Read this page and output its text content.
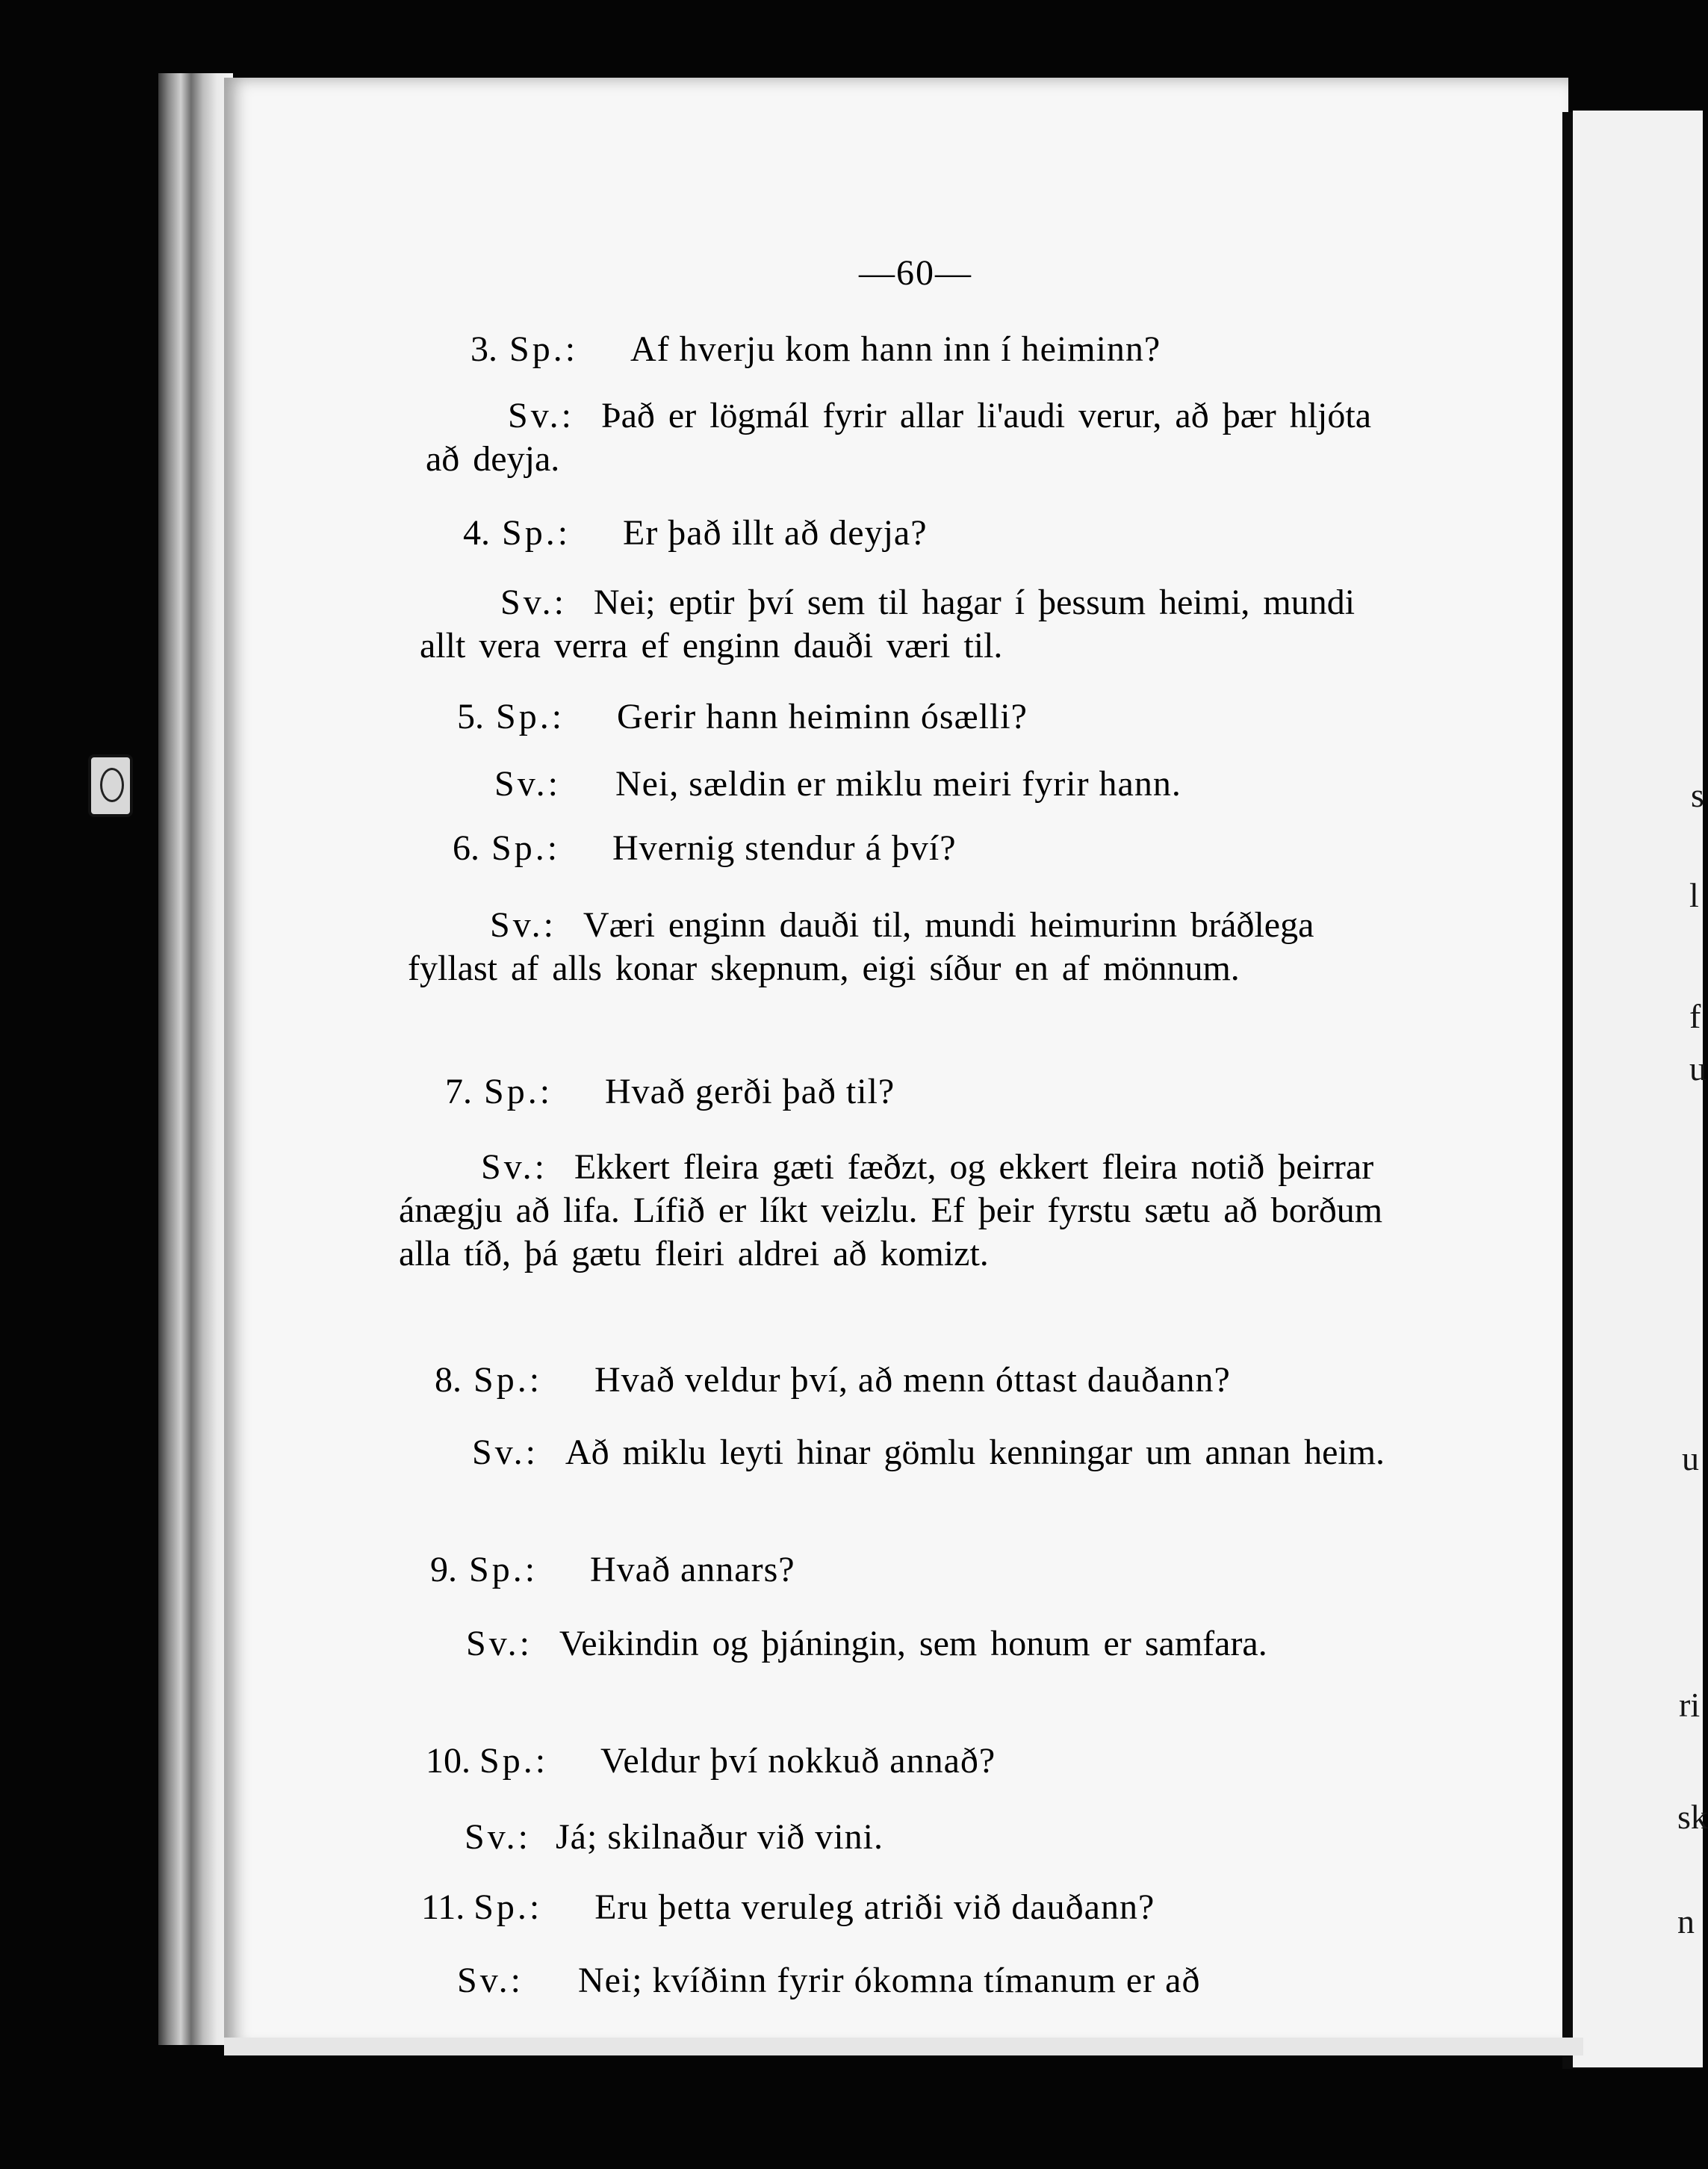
—60—
3. Sp.: Af hverju kom hann inn í heiminn?
Sv.: Það er lögmál fyrir allar li'audi verur, að þær hljóta að deyja.
4. Sp.: Er það illt að deyja?
Sv.: Nei; eptir því sem til hagar í þessum heimi, mundi allt vera verra ef enginn dauði væri til.
5. Sp.: Gerir hann heiminn ósælli?
Sv.: Nei, sældin er miklu meiri fyrir hann.
6. Sp.: Hvernig stendur á því?
Sv.: Væri enginn dauði til, mundi heimurinn bráðlega fyllast af alls konar skepnum, eigi síður en af mönnum.
7. Sp.: Hvað gerði það til?
Sv.: Ekkert fleira gæti fæðzt, og ekkert fleira notið þeirrar ánægju að lifa. Lífið er líkt veizlu. Ef þeir fyrstu sætu að borðum alla tíð, þá gætu fleiri aldrei að komizt.
8. Sp.: Hvað veldur því, að menn óttast dauðann?
Sv.: Að miklu leyti hinar gömlu kenningar um annan heim.
9. Sp.: Hvað annars?
Sv.: Veikindin og þjáningin, sem honum er samfara.
10. Sp.: Veldur því nokkuð annað?
Sv.: Já; skilnaður við vini.
11. Sp.: Eru þetta veruleg atriði við dauðann?
Sv.: Nei; kvíðinn fyrir ókomna tímanum er að
s
l
f
u
u
ri
sk
n
